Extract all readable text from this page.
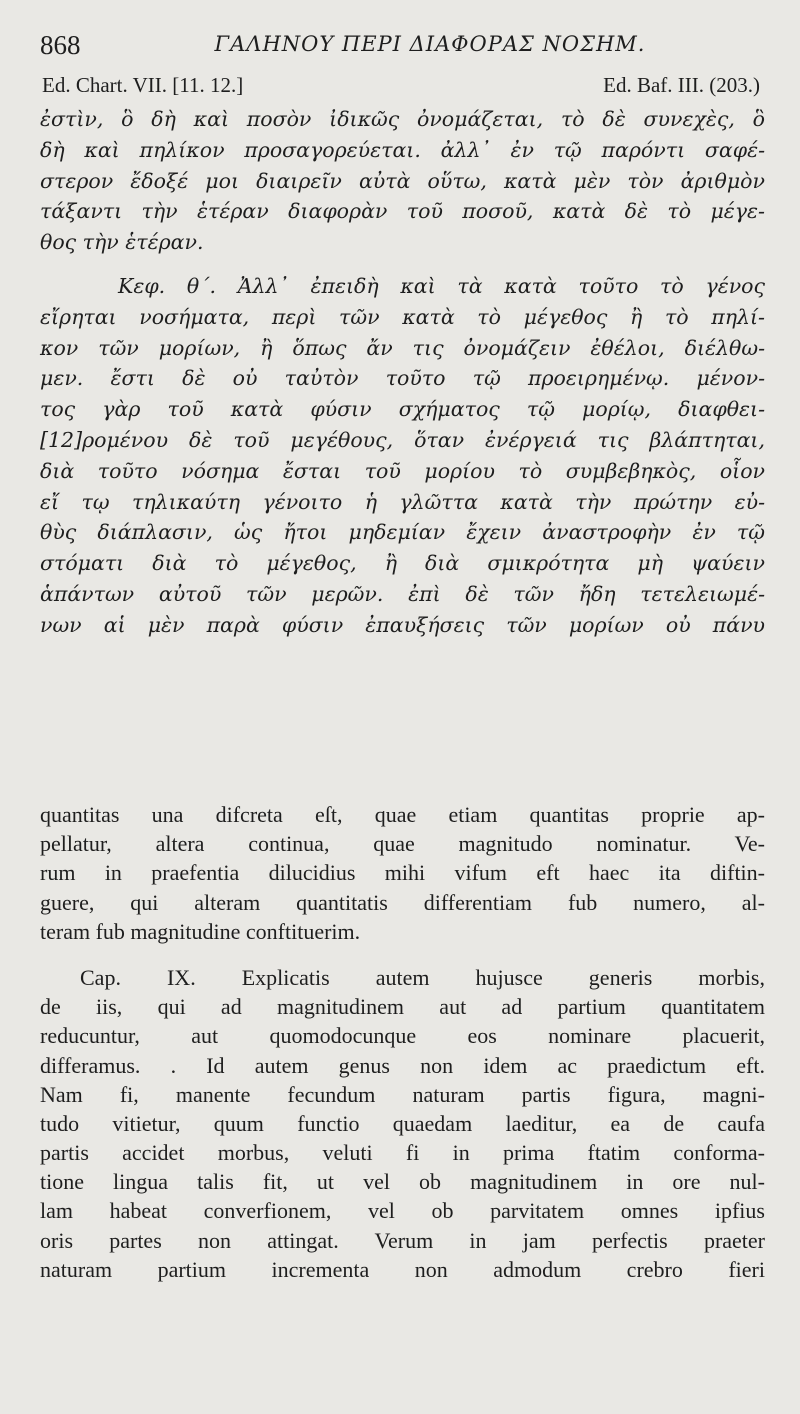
868	ΓΑΛΗΝΟΥ ΠΕΡΙ ΔΙΑΦΟΡΑΣ ΝΟΣΗΜ.
Ed. Chart. VII. [11. 12.]	Ed. Baf. III. (203.)
ἐστὶν, ὃ δὴ καὶ ποσὸν ἰδικῶς ὀνομάζεται, τὸ δὲ συνεχὲς, ὃ
δὴ καὶ πηλίκον προσαγορεύεται. ἀλλ᾽ ἐν τῷ παρόντι σαφέ-
στερον ἔδοξέ μοι διαιρεῖν αὐτὰ οὕτω, κατὰ μὲν τὸν ἀριθμὸν
τάξαντι τὴν ἑτέραν διαφορὰν τοῦ ποσοῦ, κατὰ δὲ τὸ μέγε-
θος τὴν ἑτέραν.
Κεφ. θ΄. Ἀλλ᾽ ἐπειδὴ καὶ τὰ κατὰ τοῦτο τὸ γένος
εἴρηται νοσήματα, περὶ τῶν κατὰ τὸ μέγεθος ἢ τὸ πηλί-
κον τῶν μορίων, ἢ ὅπως ἄν τις ὀνομάζειν ἐθέλοι, διέλθω-
μεν. ἔστι δὲ οὐ ταὐτὸν τοῦτο τῷ προειρημένῳ. μένον-
τος γὰρ τοῦ κατὰ φύσιν σχήματος τῷ μορίῳ, διαφθει-
[12]ρομένου δὲ τοῦ μεγέθους, ὅταν ἐνέργειά τις βλάπτηται,
διὰ τοῦτο νόσημα ἔσται τοῦ μορίου τὸ συμβεβηκὸς, οἷον
εἴ τῳ τηλικαύτη γένοιτο ἡ γλῶττα κατὰ τὴν πρώτην εὐ-
θὺς διάπλασιν, ὡς ἤτοι μηδεμίαν ἔχειν ἀναστροφὴν ἐν τῷ
στόματι διὰ τὸ μέγεθος, ἢ διὰ σμικρότητα μὴ ψαύειν
ἁπάντων αὐτοῦ τῶν μερῶν. ἐπὶ δὲ τῶν ἤδη τετελειωμέ-
νων αἱ μὲν παρὰ φύσιν ἐπαυξήσεις τῶν μορίων οὐ πάνυ
quantitas una difcreta eſt, quae etiam quantitas proprie ap-
pellatur, altera continua, quae magnitudo nominatur. Ve-
rum in praefentia dilucidius mihi vifum eft haec ita diftin-
guere, qui alteram quantitatis differentiam fub numero, al-
teram fub magnitudine conftituerim.
Cap. IX. Explicatis autem hujusce generis morbis,
de iis, qui ad magnitudinem aut ad partium quantitatem
reducuntur, aut quomodocunque eos nominare placuerit,
differamus. . Id autem genus non idem ac praedictum eft.
Nam fi, manente fecundum naturam partis figura, magni-
tudo vitietur, quum functio quaedam laeditur, ea de caufa
partis accidet morbus, veluti fi in prima ftatim conforma-
tione lingua talis fit, ut vel ob magnitudinem in ore nul-
lam habeat converfionem, vel ob parvitatem omnes ipfius
oris partes non attingat. Verum in jam perfectis praeter
naturam partium incrementa non admodum crebro fieri
